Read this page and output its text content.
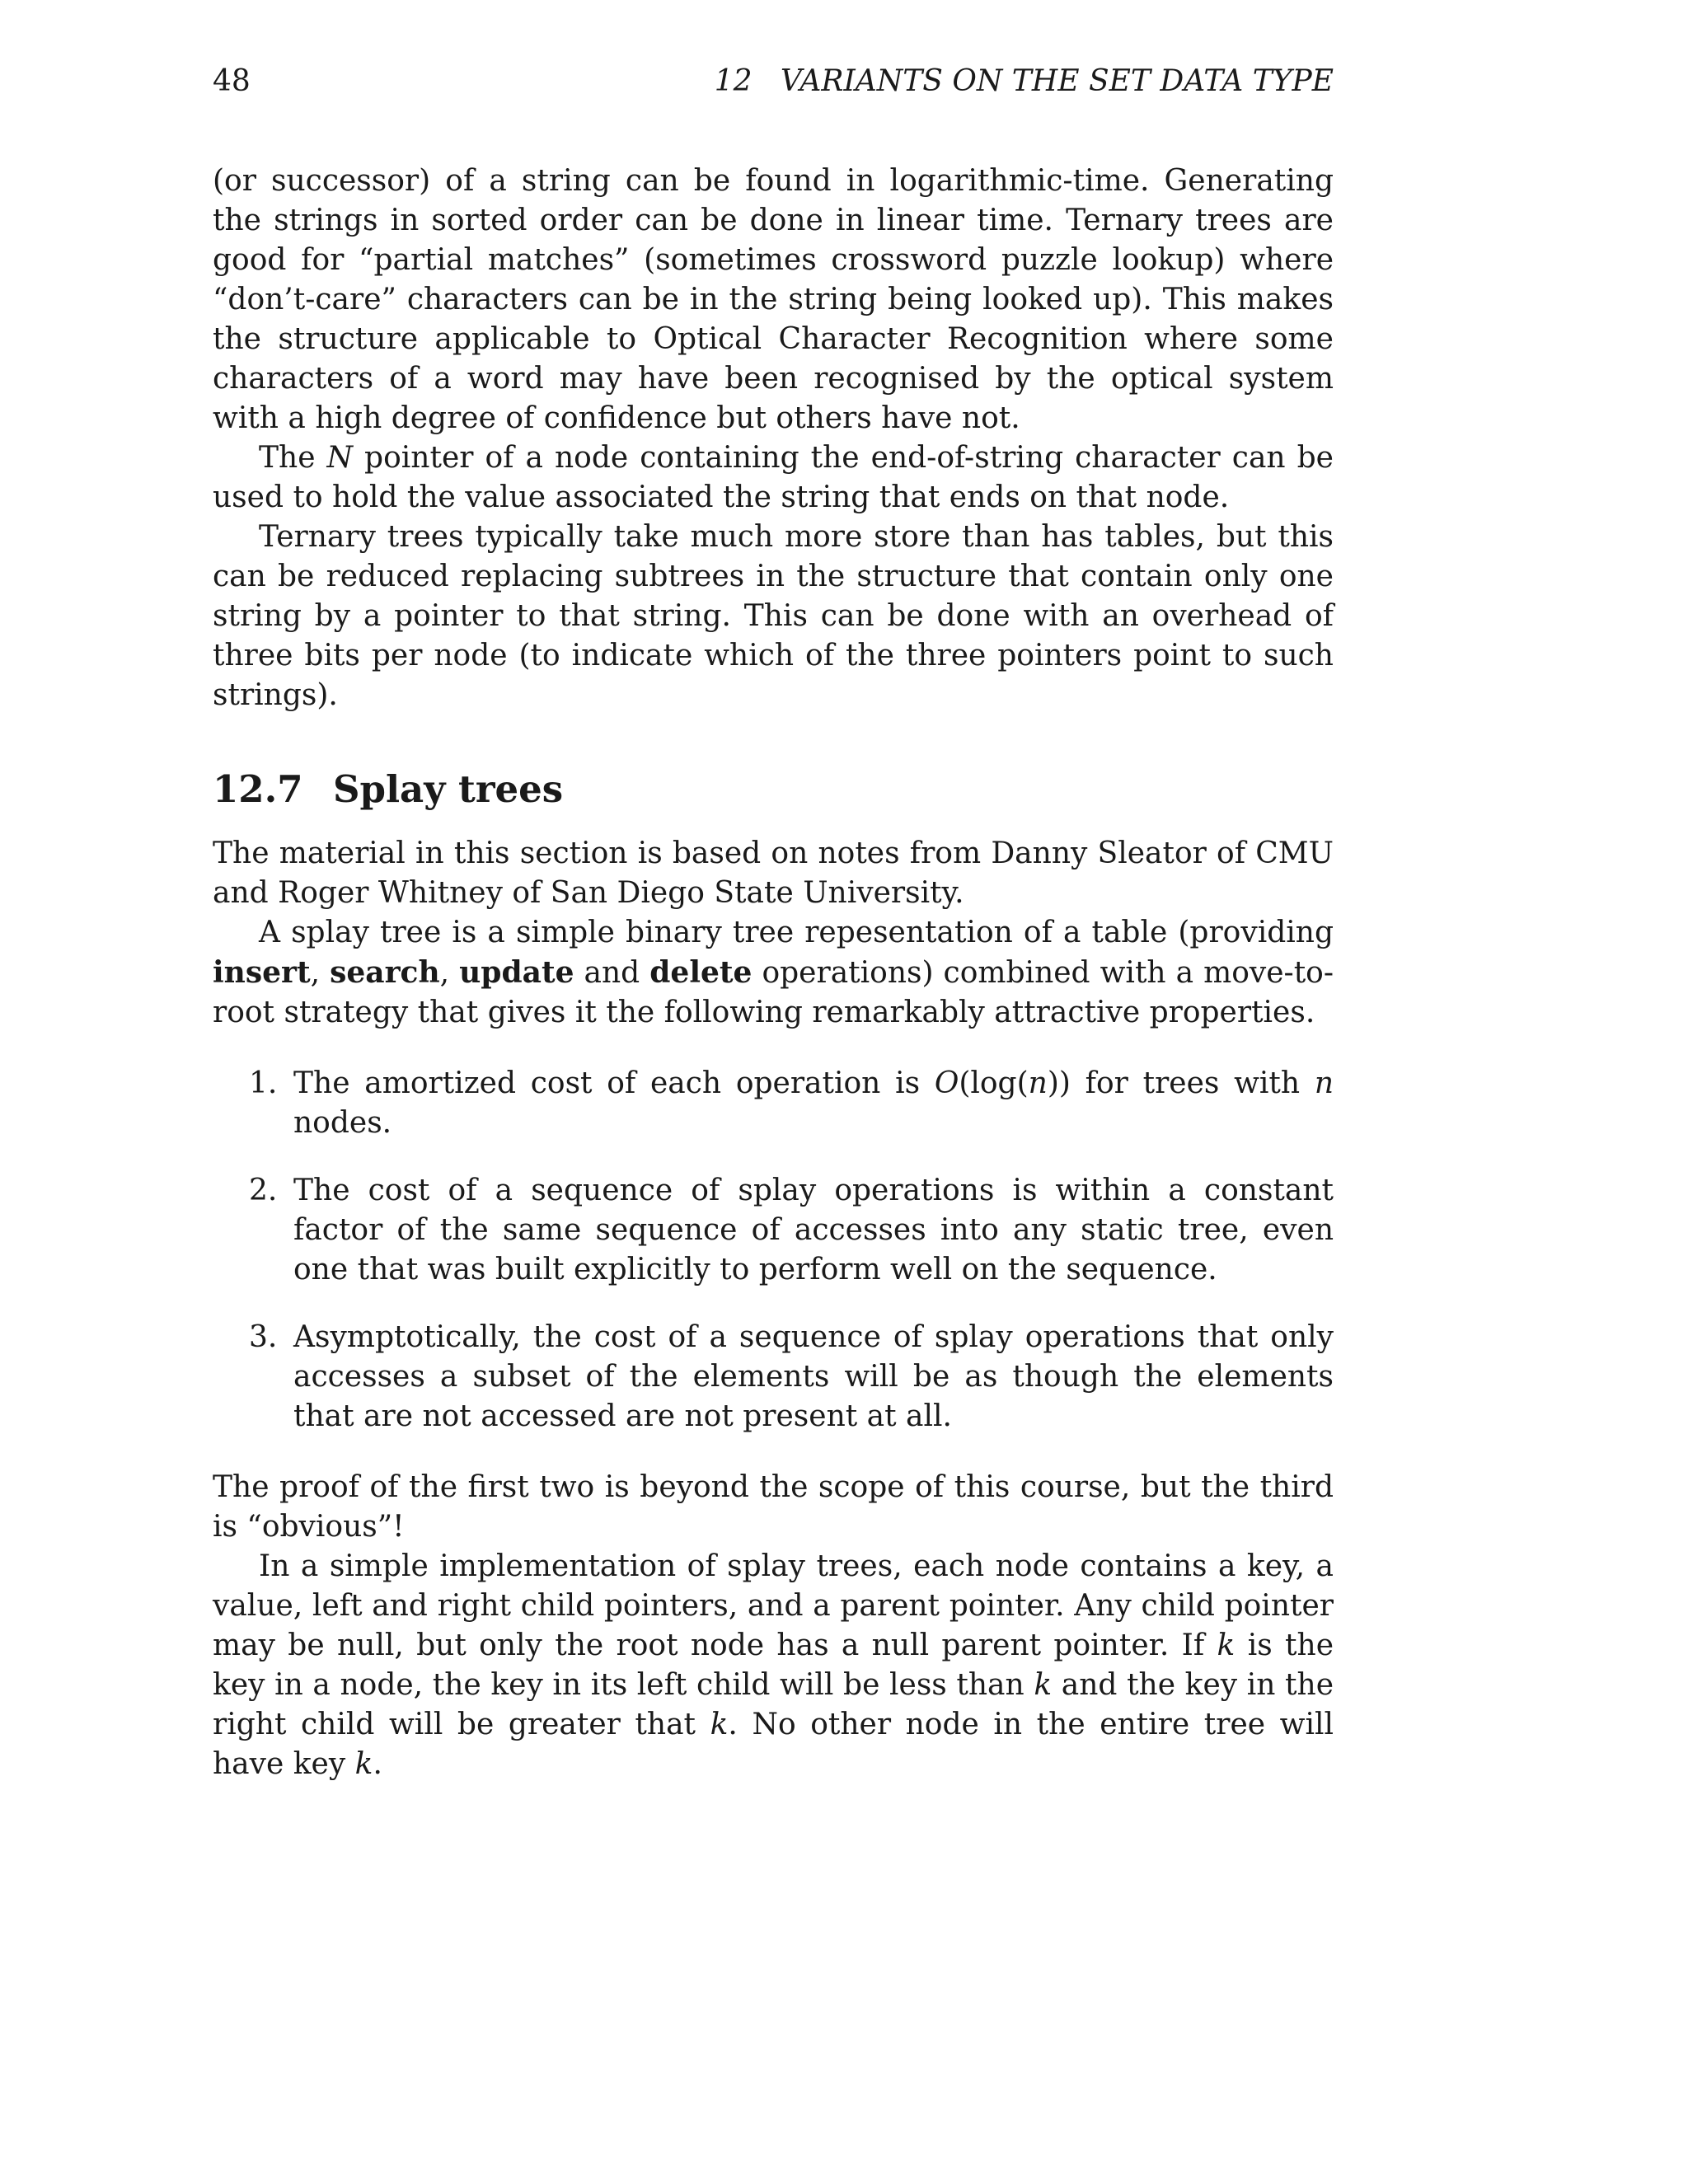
48	12   VARIANTS ON THE SET DATA TYPE

(or successor) of a string can be found in logarithmic-time. Generating the strings in sorted order can be done in linear time. Ternary trees are good for “partial matches” (sometimes crossword puzzle lookup) where “don’t-care” characters can be in the string being looked up). This makes the structure applicable to Optical Character Recognition where some characters of a word may have been recognised by the optical system with a high degree of confidence but others have not.

The N pointer of a node containing the end-of-string character can be used to hold the value associated the string that ends on that node.

Ternary trees typically take much more store than has tables, but this can be reduced replacing subtrees in the structure that contain only one string by a pointer to that string. This can be done with an overhead of three bits per node (to indicate which of the three pointers point to such strings).

12.7 Splay trees

The material in this section is based on notes from Danny Sleator of CMU and Roger Whitney of San Diego State University.

A splay tree is a simple binary tree repesentation of a table (providing insert, search, update and delete operations) combined with a move-to-root strategy that gives it the following remarkably attractive properties.

1. The amortized cost of each operation is O(log(n)) for trees with n nodes.
2. The cost of a sequence of splay operations is within a constant factor of the same sequence of accesses into any static tree, even one that was built explicitly to perform well on the sequence.
3. Asymptotically, the cost of a sequence of splay operations that only accesses a subset of the elements will be as though the elements that are not accessed are not present at all.

The proof of the first two is beyond the scope of this course, but the third is “obvious”!

In a simple implementation of splay trees, each node contains a key, a value, left and right child pointers, and a parent pointer. Any child pointer may be null, but only the root node has a null parent pointer. If k is the key in a node, the key in its left child will be less than k and the key in the right child will be greater that k. No other node in the entire tree will have key k.
